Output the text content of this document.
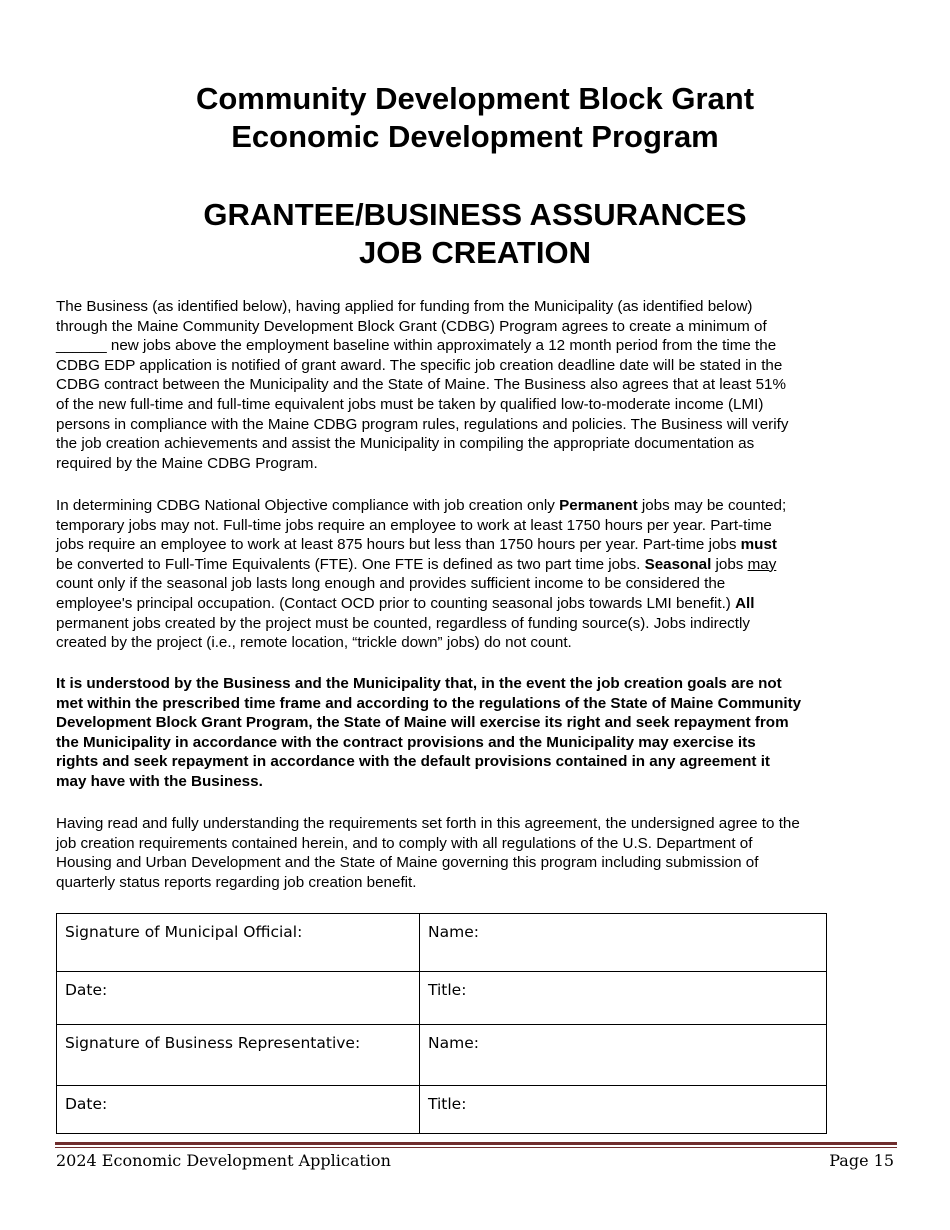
Community Development Block Grant

Economic Development Program

GRANTEE/BUSINESS ASSURANCES

JOB CREATION

The Business (as identified below), having applied for funding from the Municipality (as identified below)
through the Maine Community Development Block Grant (CDBG) Program agrees to create a minimum of
______ new jobs above the employment baseline within approximately a 12 month period from the time the
CDBG EDP application is notified of grant award. The specific job creation deadline date will be stated in the
CDBG contract between the Municipality and the State of Maine. The Business also agrees that at least 51%
of the new full-time and full-time equivalent jobs must be taken by qualified low-to-moderate income (LMI)
persons in compliance with the Maine CDBG program rules, regulations and policies. The Business will verify
the job creation achievements and assist the Municipality in compiling the appropriate documentation as
required by the Maine CDBG Program.
In determining CDBG National Objective compliance with job creation only Permanent jobs may be counted;
temporary jobs may not. Full-time jobs require an employee to work at least 1750 hours per year. Part-time
jobs require an employee to work at least 875 hours but less than 1750 hours per year. Part-time jobs must
be converted to Full-Time Equivalents (FTE). One FTE is defined as two part time jobs. Seasonal jobs may
count only if the seasonal job lasts long enough and provides sufficient income to be considered the
employee's principal occupation. (Contact OCD prior to counting seasonal jobs towards LMI benefit.) All
permanent jobs created by the project must be counted, regardless of funding source(s). Jobs indirectly
created by the project (i.e., remote location, “trickle down” jobs) do not count.
It is understood by the Business and the Municipality that, in the event the job creation goals are not
met within the prescribed time frame and according to the regulations of the State of Maine Community
Development Block Grant Program, the State of Maine will exercise its right and seek repayment from
the Municipality in accordance with the contract provisions and the Municipality may exercise its
rights and seek repayment in accordance with the default provisions contained in any agreement it
may have with the Business.
Having read and fully understanding the requirements set forth in this agreement, the undersigned agree to the
job creation requirements contained herein, and to comply with all regulations of the U.S. Department of
Housing and Urban Development and the State of Maine governing this program including submission of
quarterly status reports regarding job creation benefit.
Signature of Municipal Official:	Name:
Date:	Title:
Signature of Business Representative:	Name:
Date:	Title:
2024 Economic Development Application	Page 15
